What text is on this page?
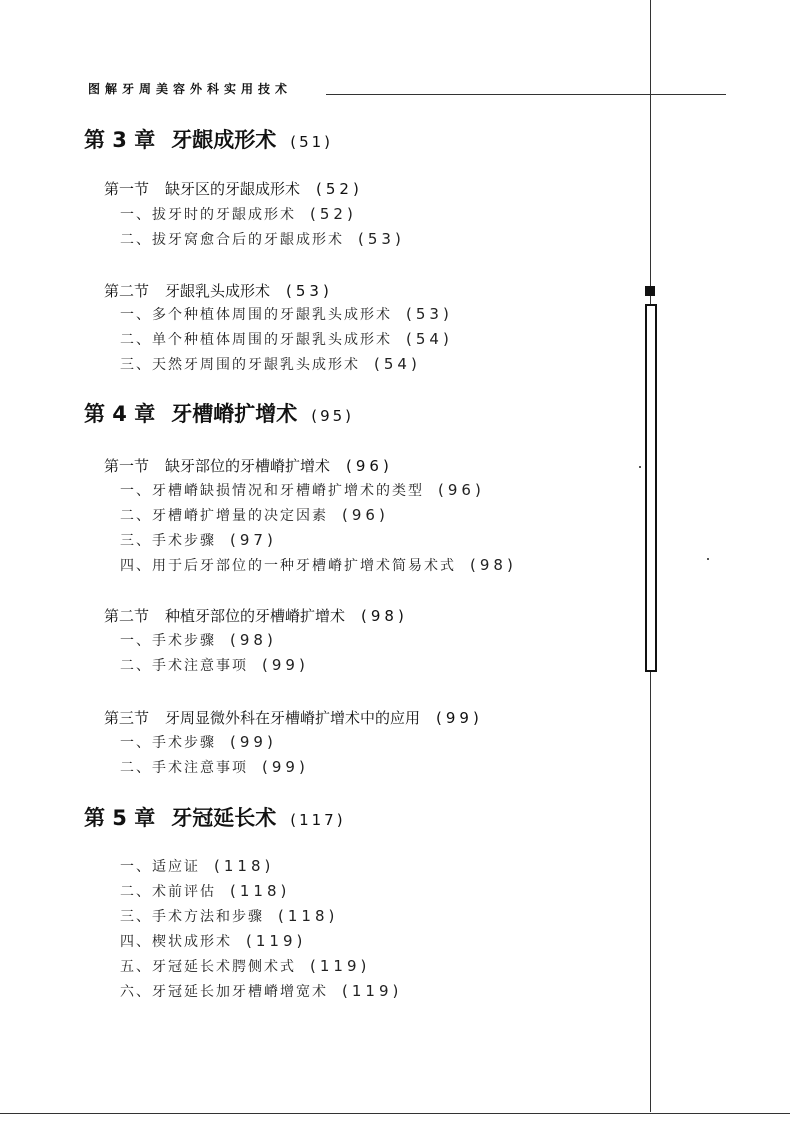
图解牙周美容外科实用技术
第 3 章 牙龈成形术 (51)
第一节 缺牙区的牙龈成形术 (52)
一、拔牙时的牙龈成形术 (52)
二、拔牙窝愈合后的牙龈成形术 (53)
第二节 牙龈乳头成形术 (53)
一、多个种植体周围的牙龈乳头成形术 (53)
二、单个种植体周围的牙龈乳头成形术 (54)
三、天然牙周围的牙龈乳头成形术 (54)
第 4 章 牙槽嵴扩增术 (95)
第一节 缺牙部位的牙槽嵴扩增术 (96)
一、牙槽嵴缺损情况和牙槽嵴扩增术的类型 (96)
二、牙槽嵴扩增量的决定因素 (96)
三、手术步骤 (97)
四、用于后牙部位的一种牙槽嵴扩增术简易术式 (98)
第二节 种植牙部位的牙槽嵴扩增术 (98)
一、手术步骤 (98)
二、手术注意事项 (99)
第三节 牙周显微外科在牙槽嵴扩增术中的应用 (99)
一、手术步骤 (99)
二、手术注意事项 (99)
第 5 章 牙冠延长术 (117)
一、适应证 (118)
二、术前评估 (118)
三、手术方法和步骤 (118)
四、楔状成形术 (119)
五、牙冠延长术腭侧术式 (119)
六、牙冠延长加牙槽嵴增宽术 (119)
